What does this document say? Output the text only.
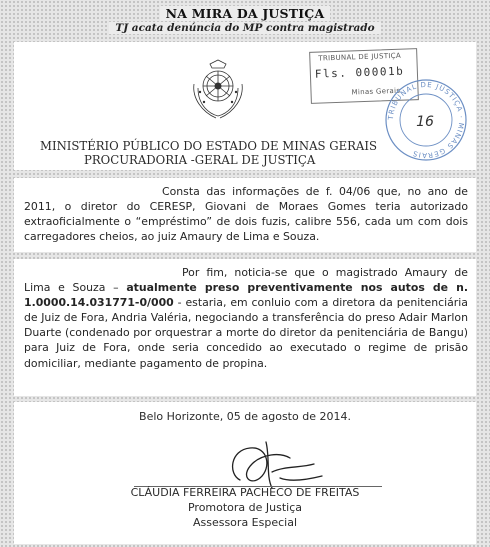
NA MIRA DA JUSTIÇA
TJ acata denúncia do MP contra magistrado
TRIBUNAL DE JUSTIÇA
Fls. 00001b
Minas Gerais
TRIBUNAL DE JUSTIÇA · MINAS GERAIS
16
MINISTÉRIO PÚBLICO DO ESTADO DE MINAS GERAIS
PROCURADORIA -GERAL DE JUSTIÇA
Consta das informações de f. 04/06 que, no ano de 2011, o diretor do CERESP, Giovani de Moraes Gomes teria autorizado extraoficialmente o “empréstimo” de dois fuzis, calibre 556, cada um com dois carregadores cheios, ao juiz Amaury de Lima e Souza.
Por fim, noticia-se que o magistrado Amaury de Lima e Souza – atualmente preso preventivamente nos autos de n. 1.0000.14.031771-0/000 - estaria, em conluio com a diretora da penitenciária de Juiz de Fora, Andria Valéria, negociando a transferência do preso Adair Marlon Duarte (condenado por orquestrar a morte do diretor da penitenciária de Bangu) para Juiz de Fora, onde seria concedido ao executado o regime de prisão domiciliar, mediante pagamento de propina.
Belo Horizonte, 05 de agosto de 2014.
CLÁUDIA FERREIRA PACHECO DE FREITAS
Promotora de Justiça
Assessora Especial
